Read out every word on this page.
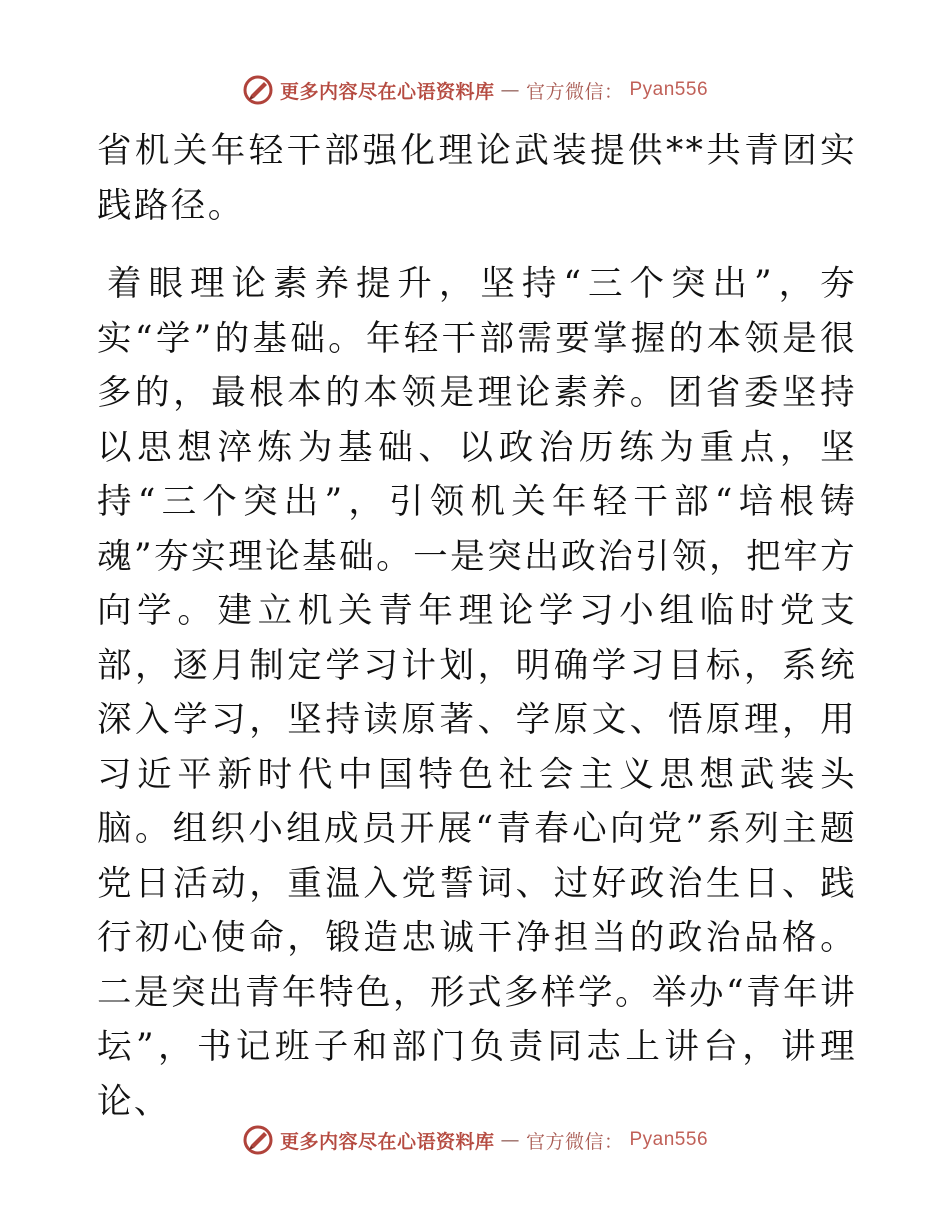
更多内容尽在心语资料库 — 官方微信： Pyan556

省机关年轻干部强化理论武装提供**共青团实践路径。

着眼理论素养提升，坚持“三个突出”，夯实“学”的基础。年轻干部需要掌握的本领是很多的，最根本的本领是理论素养。团省委坚持以思想淬炼为基础、以政治历练为重点，坚持“三个突出”，引领机关年轻干部“培根铸魂”夯实理论基础。一是突出政治引领，把牢方向学。建立机关青年理论学习小组临时党支部，逐月制定学习计划，明确学习目标，系统深入学习，坚持读原著、学原文、悟原理，用习近平新时代中国特色社会主义思想武装头脑。组织小组成员开展“青春心向党”系列主题党日活动，重温入党誓词、过好政治生日、践行初心使命，锻造忠诚干净担当的政治品格。二是突出青年特色，形式多样学。举办“青年讲坛”，书记班子和部门负责同志上讲台，讲理论、

更多内容尽在心语资料库 — 官方微信： Pyan556
